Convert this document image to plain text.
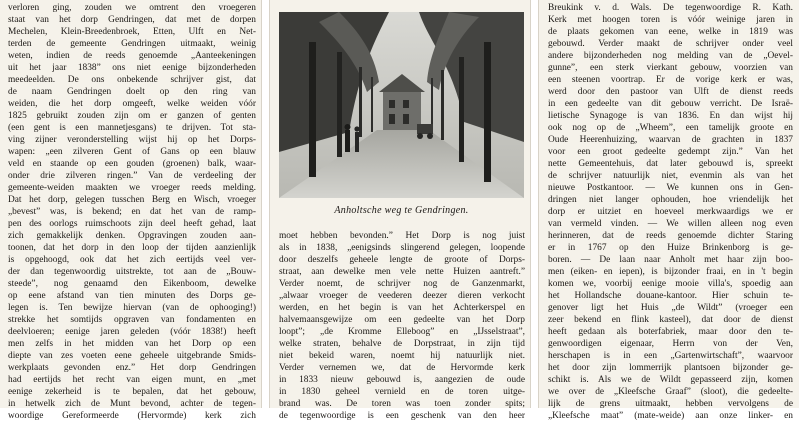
verloren ging, zouden we omtrent den vroegeren
staat van het dorp Gendringen, dat met de dorpen
Mechelen, Klein-Breedenbroek, Etten, Ulft en Net-
terden de gemeente Gendringen uitmaakt, weinig
weten, indien de reeds genoemde „Aanteekeningen
uit het jaar 1838” ons niet eenige bijzonderheden
meedeelden. De ons onbekende schrijver gist, dat
de naam Gendringen doelt op den ring van
weiden, die het dorp omgeeft, welke weiden vóór
1825 gebruikt zouden zijn om er ganzen of genten
(een gent is een mannetjesgans) te drijven. Tot sta-
ving zijner veronderstelling wijst hij op het Dorps-
wapen: „een zilveren Gent of Gans op een blauw
veld en staande op een gouden (groenen) balk, waar-
onder drie zilveren ringen.” Van de verdeeling der
gemeente-weiden maakten we vroeger reeds melding.
Dat het dorp, gelegen tusschen Berg en Wisch, vroeger
„bevest” was, is bekend; en dat het van de ramp-
pen des oorlogs ruimschoots zijn deel heeft gehad, laat
zich gemakkelijk denken. Opgravingen zouden aan-
toonen, dat het dorp in den loop der tijden aanzienlijk
is opgehoogd, ook dat het zich eertijds veel ver-
der dan tegenwoordig uitstrekte, tot aan de „Bouw-
steede”, nog genaamd den Eikenboom, dewelke
op eene afstand van tien minuten des Dorps ge-
legen is. Ten bewijze hiervan (van de ophooging!)
strekke het somtijds opgraven van fondamenten en
deelvloeren; eenige jaren geleden (vóór 1838!) heeft
men zelfs in het midden van het Dorp op een
diepte van zes voeten eene geheele uitgebrande Smids-
werkplaats gevonden enz.” Het dorp Gendringen
had eertijds het recht van eigen munt, en „met
eenige zekerheid is te bepalen, dat het gebouw,
in hetwelk zich de Munt bevond, achter de tegen-
woordige Gereformeerde (Hervormde) kerk zich
Anholtsche weg te Gendringen.
moet hebben bevonden.” Het Dorp is nog juist
als in 1838, „eenigsinds slingerend gelegen, loopende
door deszelfs geheele lengte de groote of Dorps-
straat, aan dewelke men vele nette Huizen aantreft.”
Verder noemt, de schrijver nog de Ganzenmarkt,
„alwaar vroeger de veederen deezer dieren verkocht
werden, en het begin is van het Achterkerspel en
halvemaansgewijze om een gedeelte van het Dorp
loopt”; „de Kromme Elleboog” en „IJsselstraat”,
welke straten, behalve de Dorpstraat, in zijn tijd
niet bekeid waren, noemt hij natuurlijk niet.
Verder vernemen we, dat de Hervormde kerk
in 1833 nieuw gebouwd is, aangezien de oude
in 1830 geheel vernield en de toren uitge-
brand was. De toren was toen zonder spits;
de tegenwoordige is een geschenk van den heer
Breukink v. d. Wals. De tegenwoordige R. Kath.
Kerk met hoogen toren is vóór weinige jaren in
de plaats gekomen van eene, welke in 1819 was
gebouwd. Verder maakt de schrijver onder veel
andere bijzonderheden nog melding van de „Oevel-
gunne”, een sterk vierkant gebouw, voorzien van
een steenen voortrap. Er de vorige kerk er was,
werd door den pastoor van Ulft de dienst reeds
in een gedeelte van dit gebouw verricht. De Israë-
lietische Synagoge is van 1836. En dan wijst hij
ook nog op de „Wheem”, een tamelijk groote en
Oude Heerenhuizing, waarvan de grachten in 1837
voor een groot gedeelte gedempt zijn.” Van het
nette Gemeentehuis, dat later gebouwd is, spreekt
de schrijver natuurlijk niet, evenmin als van het
nieuwe Postkantoor. — We kunnen ons in Gen-
dringen niet langer ophouden, hoe vriendelijk het
dorp er uitziet en hoeveel merkwaardigs we er
van vermeld vinden. — We willen alleen nog even
herinneren, dat de reeds genoemde dichter Staring
er in 1767 op den Huize Brinkenborg is ge-
boren. — De laan naar Anholt met haar zijn boo-
men (eiken- en iepen), is bijzonder fraai, en in 't begin
komen we, voorbij eenige mooie villa's, spoedig aan
het Hollandsche douane-kantoor. Hier schuin te-
genover ligt het Huis „de Wildt” (vroeger een
zeer bekend en flink kasteel), dat door de dienst
heeft gedaan als boterfabriek, maar door den te-
genwoordigen eigenaar, Herrn von der Ven,
herschapen is in een „Gartenwirtschaft”, waarvoor
het door zijn lommerrijk plantsoen bijzonder ge-
schikt is. Als we de Wildt gepasseerd zijn, komen
we over de „Kleefsche Graaf” (sloot), die gedeelte-
lijk de grens uitmaakt, hebben vervolgens de
„Kleefsche maat” (mate-weide) aan onze linker- en
